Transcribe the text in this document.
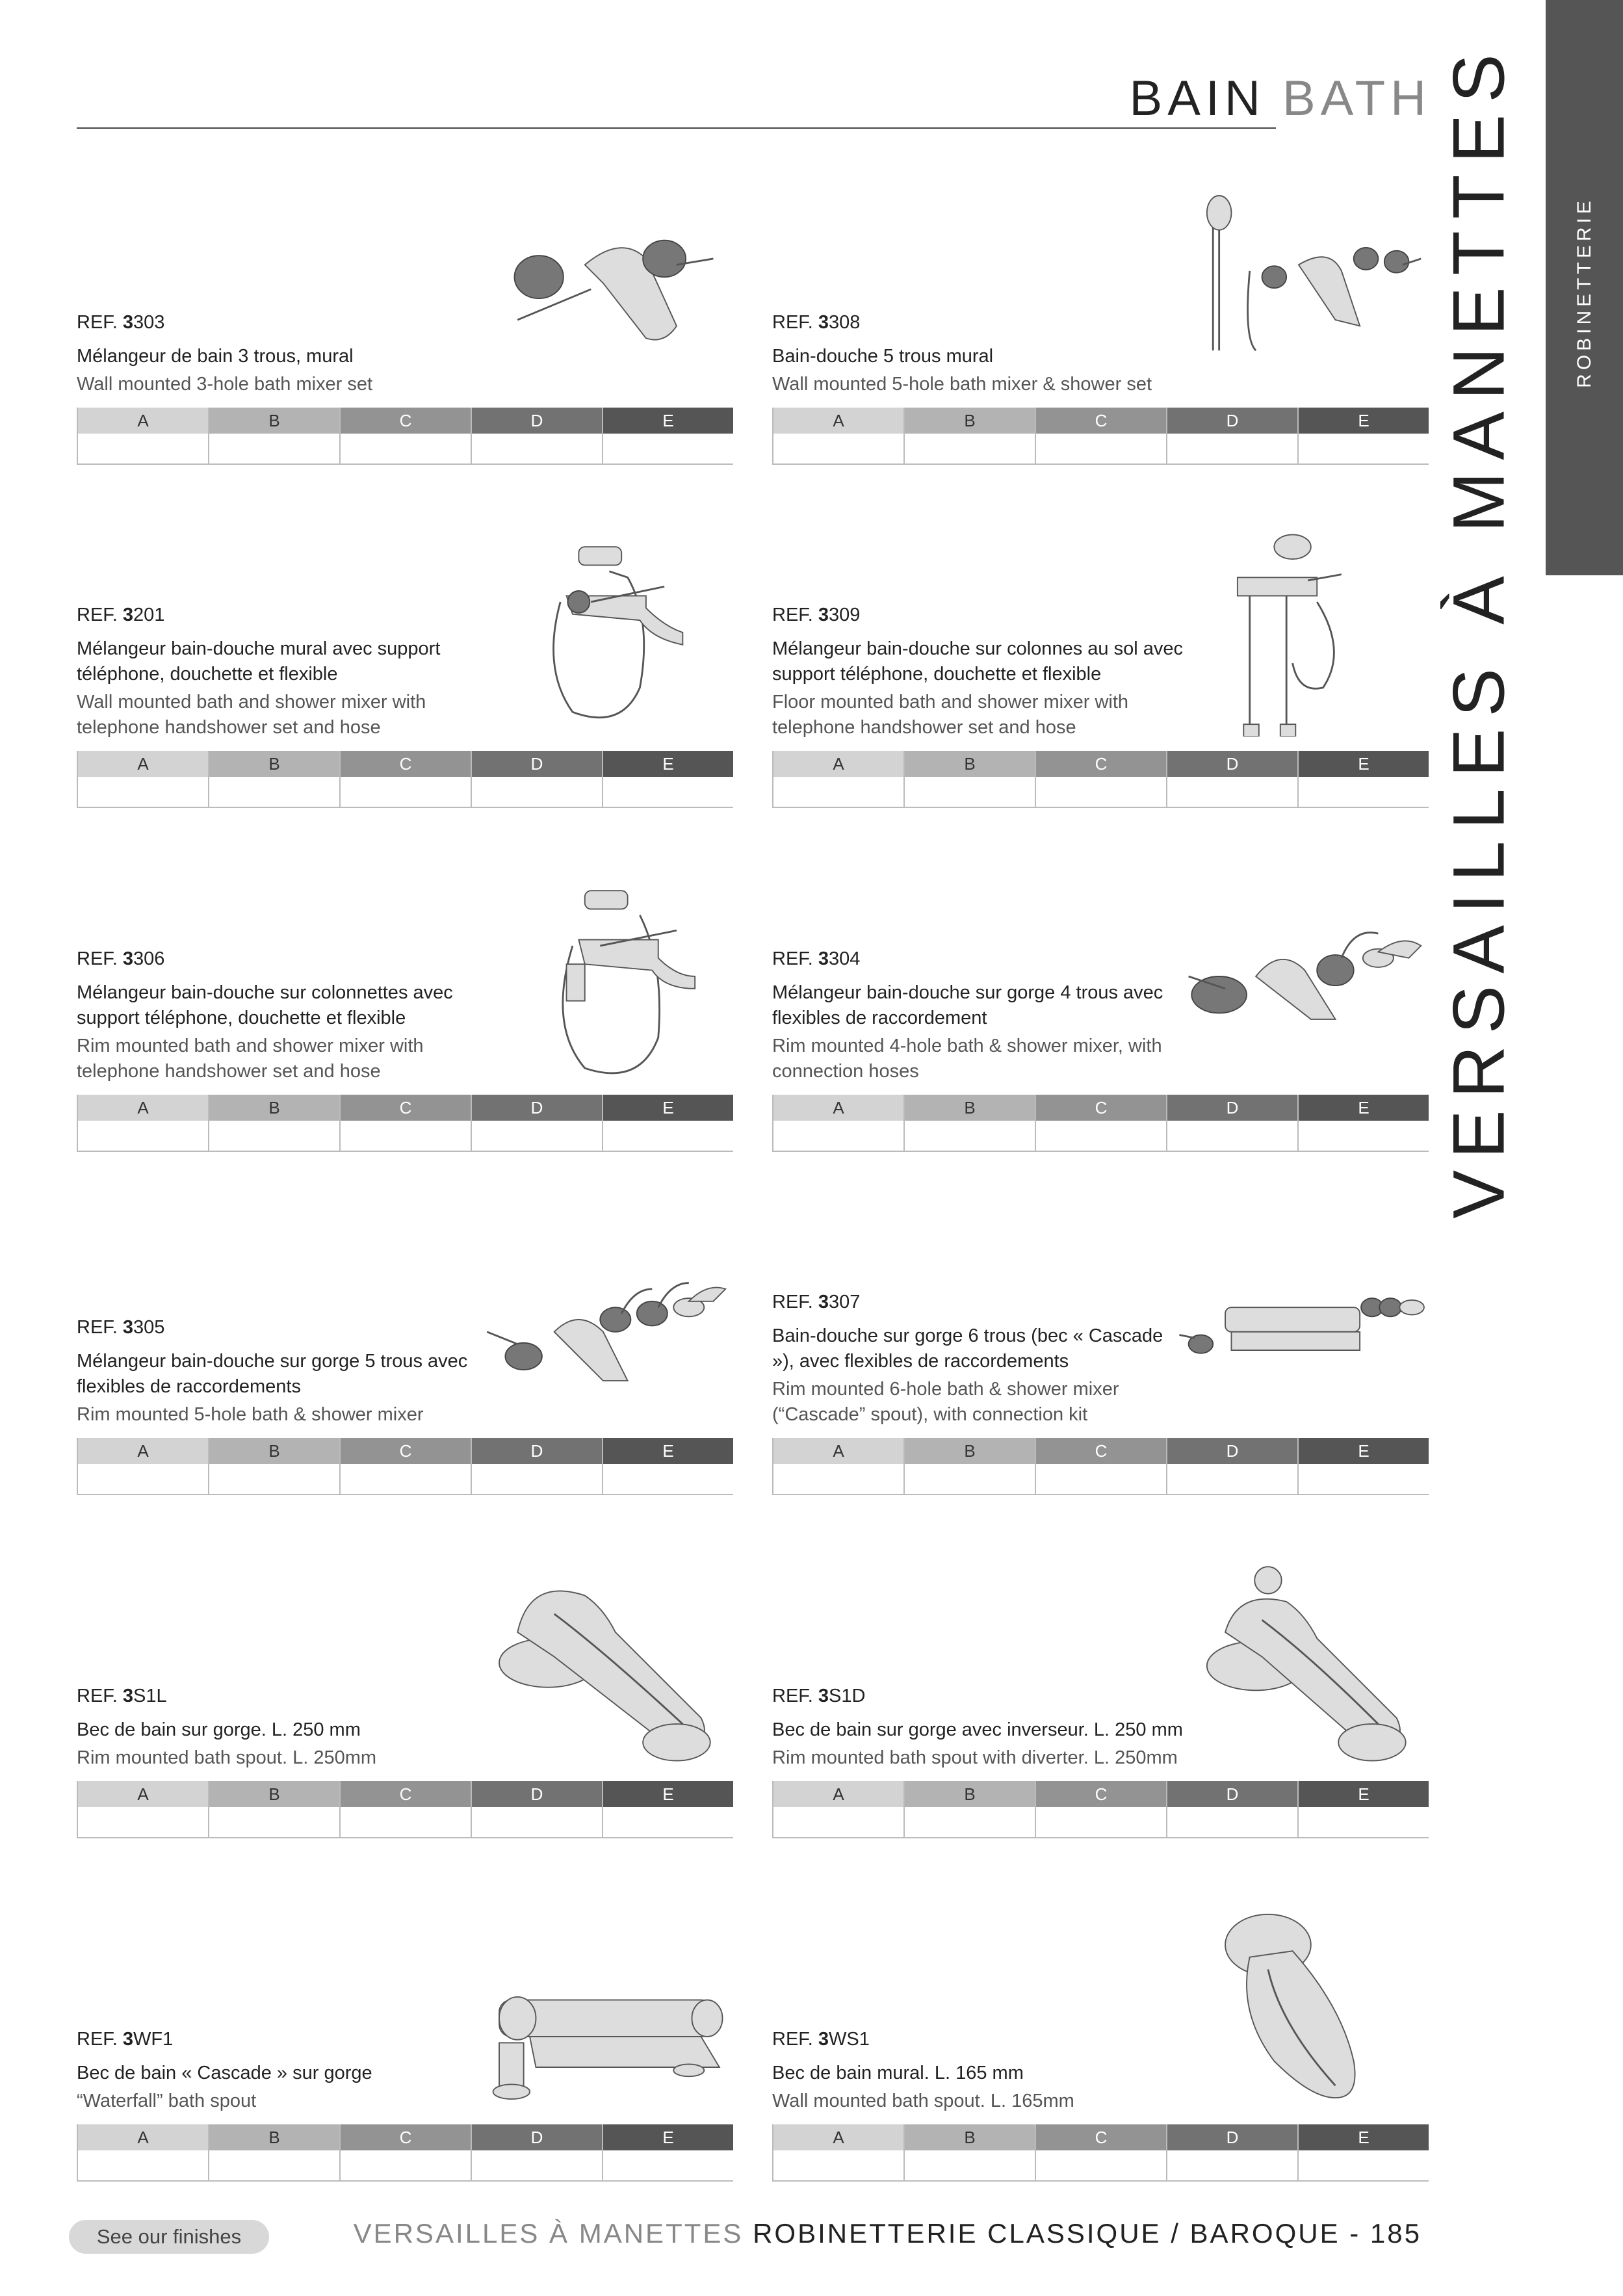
BAIN BATH
ROBINETTERIE
VERSAILLES À MANETTES
REF. 3303
Mélangeur de bain 3 trous, mural
Wall mounted 3-hole bath mixer set
A	B	C	D	E
REF. 3308
Bain-douche 5 trous mural
Wall mounted 5-hole bath mixer & shower set
A	B	C	D	E
REF. 3201
Mélangeur bain-douche mural avec support téléphone, douchette et flexible
Wall mounted bath and shower mixer with telephone handshower set and hose
A	B	C	D	E
REF. 3309
Mélangeur bain-douche sur colonnes au sol avec support téléphone, douchette et flexible
Floor mounted bath and shower mixer with telephone handshower set and hose
A	B	C	D	E
REF. 3306
Mélangeur bain-douche sur colonnettes avec support téléphone, douchette et flexible
Rim mounted bath and shower mixer with telephone handshower set and hose
A	B	C	D	E
REF. 3304
Mélangeur bain-douche sur gorge 4 trous avec flexibles de raccordement
Rim mounted 4-hole bath & shower mixer, with connection hoses
A	B	C	D	E
REF. 3305
Mélangeur bain-douche sur gorge 5 trous avec flexibles de raccordements
Rim mounted 5-hole bath & shower mixer
A	B	C	D	E
REF. 3307
Bain-douche sur gorge 6 trous (bec « Cascade »), avec flexibles de raccordements
Rim mounted 6-hole bath & shower mixer (“Cascade” spout), with connection kit
A	B	C	D	E
REF. 3S1L
Bec de bain sur gorge. L. 250 mm
Rim mounted bath spout. L. 250mm
A	B	C	D	E
REF. 3S1D
Bec de bain sur gorge avec inverseur. L. 250 mm
Rim mounted bath spout with diverter. L. 250mm
A	B	C	D	E
REF. 3WF1
Bec de bain « Cascade » sur gorge
“Waterfall” bath spout
A	B	C	D	E
REF. 3WS1
Bec de bain mural. L. 165 mm
Wall mounted bath spout. L. 165mm
A	B	C	D	E
See our finishes	VERSAILLES À MANETTES ROBINETTERIE CLASSIQUE / BAROQUE - 185
